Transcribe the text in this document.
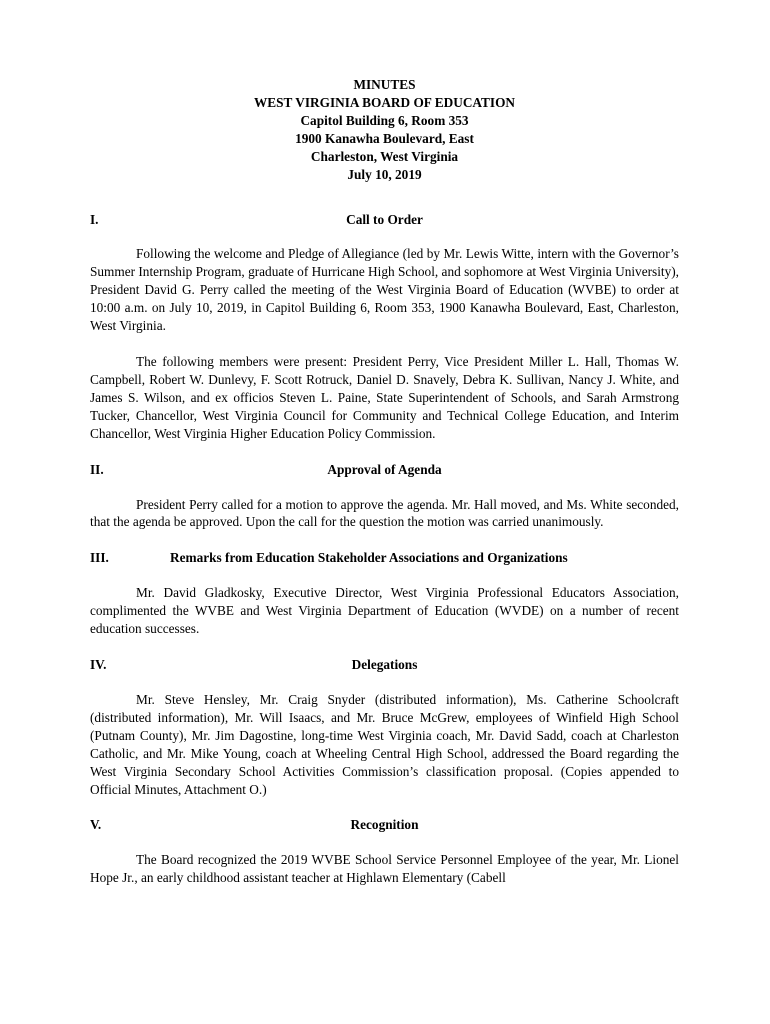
MINUTES
WEST VIRGINIA BOARD OF EDUCATION
Capitol Building 6, Room 353
1900 Kanawha Boulevard, East
Charleston, West Virginia
July 10, 2019
I.	Call to Order

Following the welcome and Pledge of Allegiance (led by Mr. Lewis Witte, intern with the Governor’s Summer Internship Program, graduate of Hurricane High School, and sophomore at West Virginia University), President David G. Perry called the meeting of the West Virginia Board of Education (WVBE) to order at 10:00 a.m. on July 10, 2019, in Capitol Building 6, Room 353, 1900 Kanawha Boulevard, East, Charleston, West Virginia.

The following members were present: President Perry, Vice President Miller L. Hall, Thomas W. Campbell, Robert W. Dunlevy, F. Scott Rotruck, Daniel D. Snavely, Debra K. Sullivan, Nancy J. White, and James S. Wilson, and ex officios Steven L. Paine, State Superintendent of Schools, and Sarah Armstrong Tucker, Chancellor, West Virginia Council for Community and Technical College Education, and Interim Chancellor, West Virginia Higher Education Policy Commission.

II.	Approval of Agenda

President Perry called for a motion to approve the agenda. Mr. Hall moved, and Ms. White seconded, that the agenda be approved. Upon the call for the question the motion was carried unanimously.

III.	Remarks from Education Stakeholder Associations and Organizations

Mr. David Gladkosky, Executive Director, West Virginia Professional Educators Association, complimented the WVBE and West Virginia Department of Education (WVDE) on a number of recent education successes.

IV.	Delegations

Mr. Steve Hensley, Mr. Craig Snyder (distributed information), Ms. Catherine Schoolcraft (distributed information), Mr. Will Isaacs, and Mr. Bruce McGrew, employees of Winfield High School (Putnam County), Mr. Jim Dagostine, long-time West Virginia coach, Mr. David Sadd, coach at Charleston Catholic, and Mr. Mike Young, coach at Wheeling Central High School, addressed the Board regarding the West Virginia Secondary School Activities Commission’s classification proposal. (Copies appended to Official Minutes, Attachment O.)

V.	Recognition

The Board recognized the 2019 WVBE School Service Personnel Employee of the year, Mr. Lionel Hope Jr., an early childhood assistant teacher at Highlawn Elementary (Cabell
